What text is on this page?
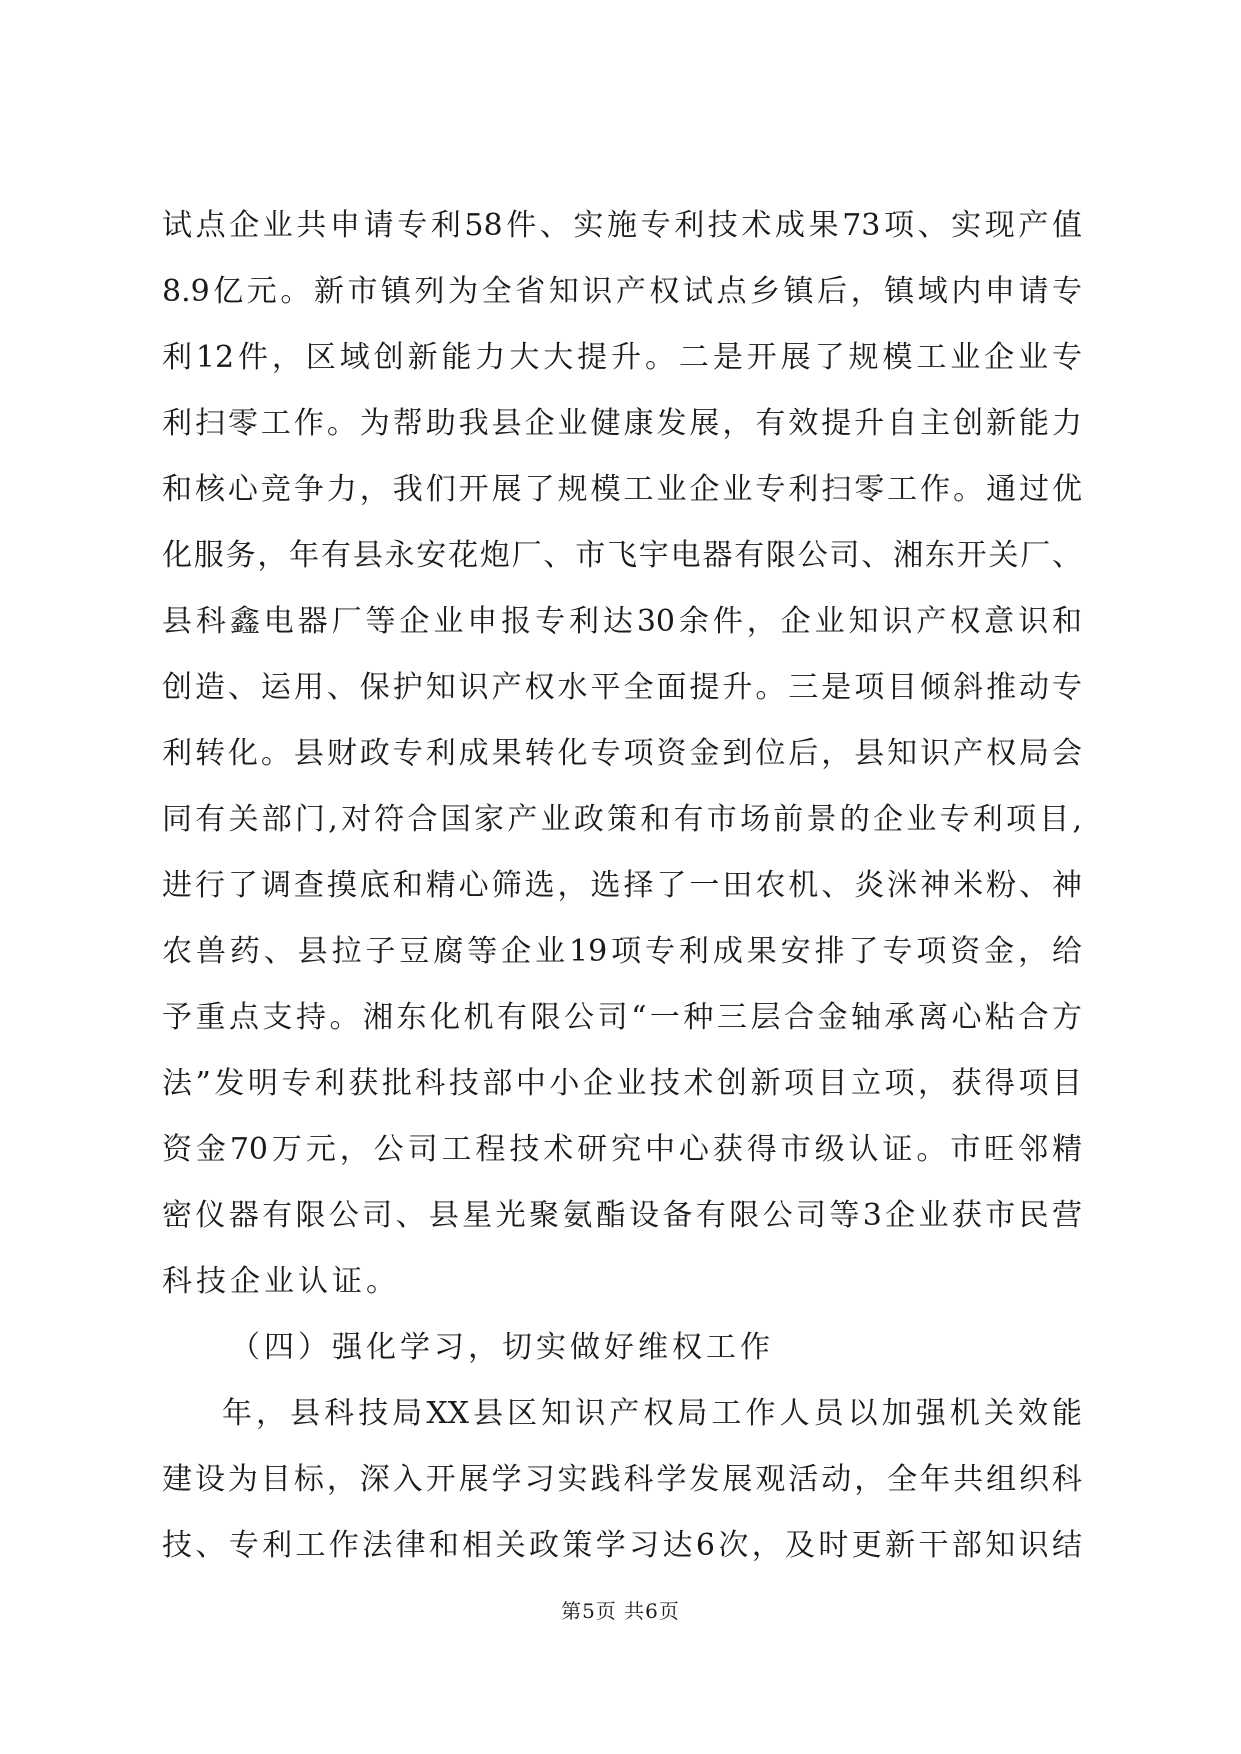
试点企业共申请专利58件、实施专利技术成果73项、实现产值
8.9亿元。新市镇列为全省知识产权试点乡镇后，镇域内申请专
利12件，区域创新能力大大提升。二是开展了规模工业企业专
利扫零工作。为帮助我县企业健康发展，有效提升自主创新能力
和核心竞争力，我们开展了规模工业企业专利扫零工作。通过优
化服务，年有县永安花炮厂、市飞宇电器有限公司、湘东开关厂、
县科鑫电器厂等企业申报专利达30余件，企业知识产权意识和
创造、运用、保护知识产权水平全面提升。三是项目倾斜推动专
利转化。县财政专利成果转化专项资金到位后，县知识产权局会
同有关部门,对符合国家产业政策和有市场前景的企业专利项目,
进行了调查摸底和精心筛选，选择了一田农机、炎洣神米粉、神
农兽药、县拉子豆腐等企业19项专利成果安排了专项资金，给
予重点支持。湘东化机有限公司“一种三层合金轴承离心粘合方
法”发明专利获批科技部中小企业技术创新项目立项，获得项目
资金70万元，公司工程技术研究中心获得市级认证。市旺邻精
密仪器有限公司、县星光聚氨酯设备有限公司等3企业获市民营
科技企业认证。
（四）强化学习，切实做好维权工作
年，县科技局XX县区知识产权局工作人员以加强机关效能
建设为目标，深入开展学习实践科学发展观活动，全年共组织科
技、专利工作法律和相关政策学习达6次，及时更新干部知识结
第5页 共6页
